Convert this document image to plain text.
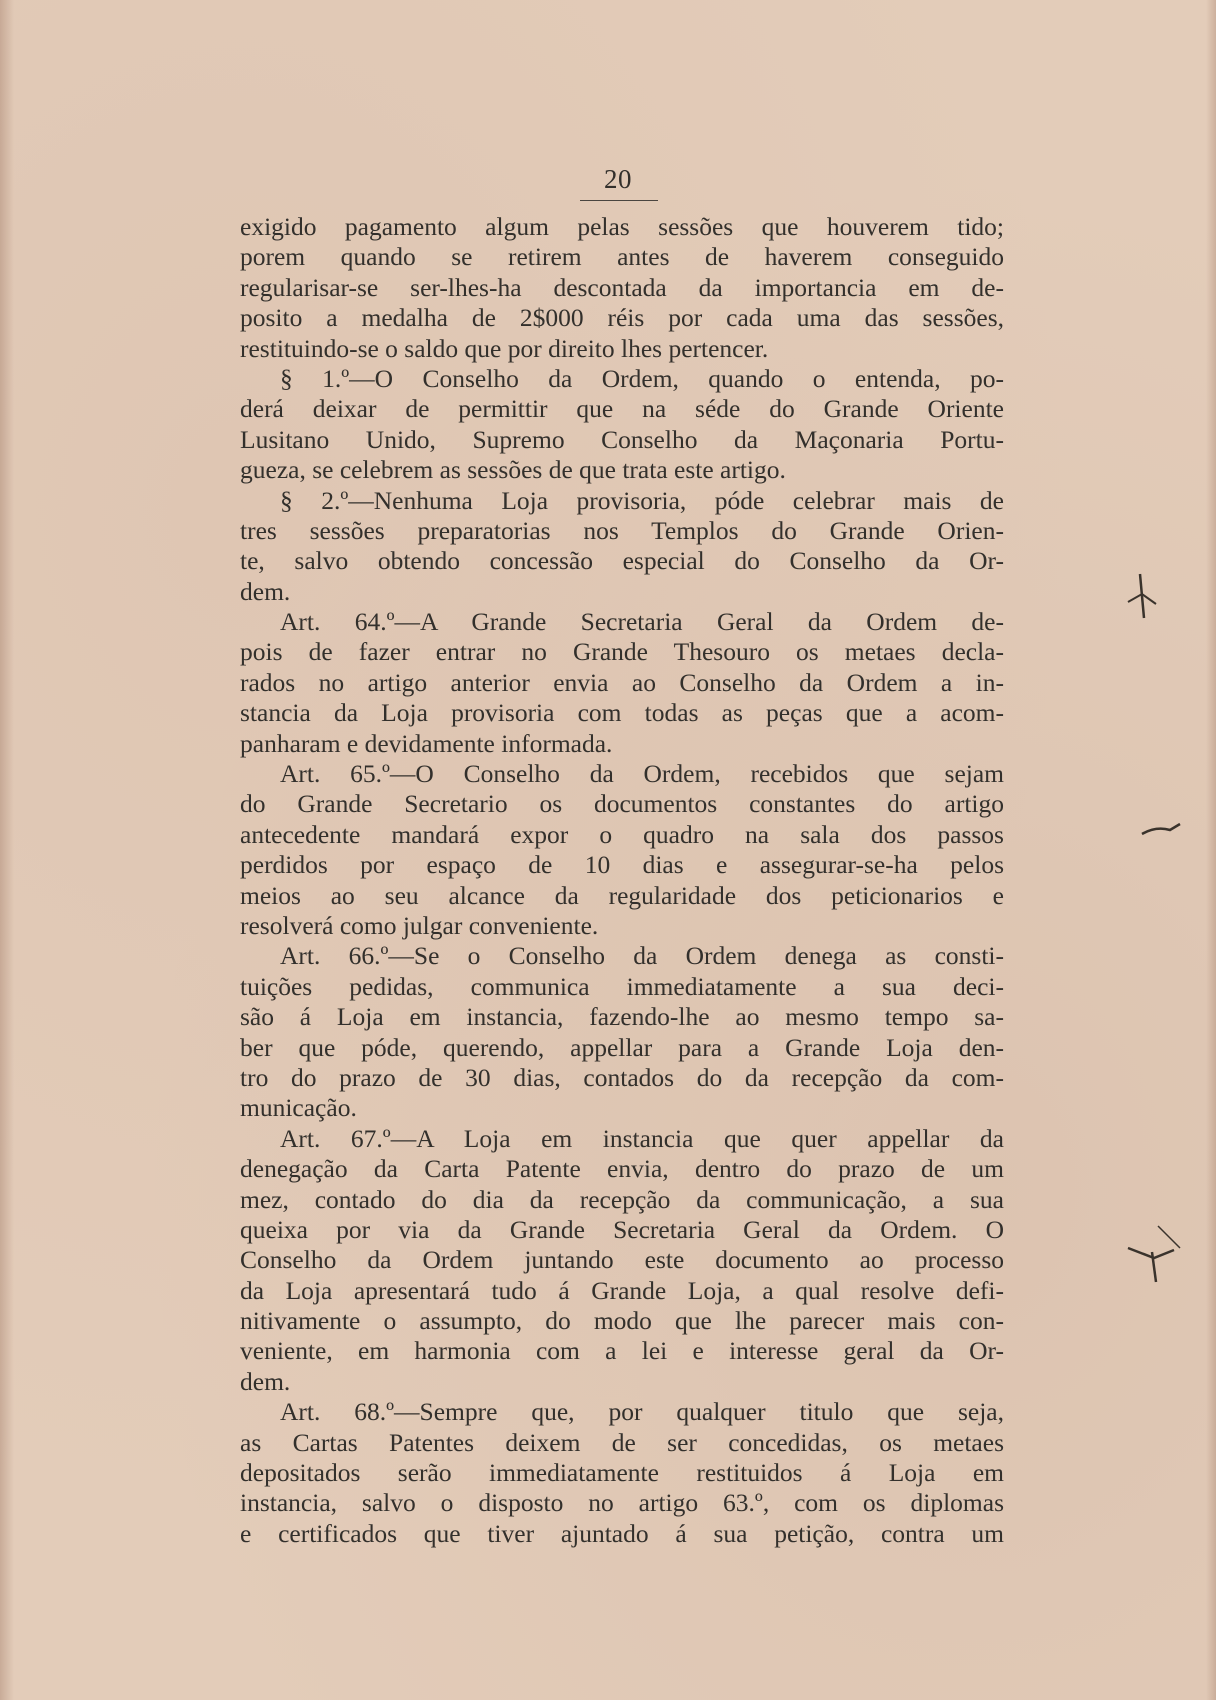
20
exigido pagamento algum pelas sessões que houverem tido;
porem quando se retirem antes de haverem conseguido
regularisar-se ser-lhes-ha descontada da importancia em de-
posito a medalha de 2$000 réis por cada uma das sessões,
restituindo-se o saldo que por direito lhes pertencer.
§ 1.º—O Conselho da Ordem, quando o entenda, po-
derá deixar de permittir que na séde do Grande Oriente
Lusitano Unido, Supremo Conselho da Maçonaria Portu-
gueza, se celebrem as sessões de que trata este artigo.
§ 2.º—Nenhuma Loja provisoria, póde celebrar mais de
tres sessões preparatorias nos Templos do Grande Orien-
te, salvo obtendo concessão especial do Conselho da Or-
dem.
Art. 64.º—A Grande Secretaria Geral da Ordem de-
pois de fazer entrar no Grande Thesouro os metaes decla-
rados no artigo anterior envia ao Conselho da Ordem a in-
stancia da Loja provisoria com todas as peças que a acom-
panharam e devidamente informada.
Art. 65.º—O Conselho da Ordem, recebidos que sejam
do Grande Secretario os documentos constantes do artigo
antecedente mandará expor o quadro na sala dos passos
perdidos por espaço de 10 dias e assegurar-se-ha pelos
meios ao seu alcance da regularidade dos peticionarios e
resolverá como julgar conveniente.
Art. 66.º—Se o Conselho da Ordem denega as consti-
tuições pedidas, communica immediatamente a sua deci-
são á Loja em instancia, fazendo-lhe ao mesmo tempo sa-
ber que póde, querendo, appellar para a Grande Loja den-
tro do prazo de 30 dias, contados do da recepção da com-
municação.
Art. 67.º—A Loja em instancia que quer appellar da
denegação da Carta Patente envia, dentro do prazo de um
mez, contado do dia da recepção da communicação, a sua
queixa por via da Grande Secretaria Geral da Ordem. O
Conselho da Ordem juntando este documento ao processo
da Loja apresentará tudo á Grande Loja, a qual resolve defi-
nitivamente o assumpto, do modo que lhe parecer mais con-
veniente, em harmonia com a lei e interesse geral da Or-
dem.
Art. 68.º—Sempre que, por qualquer titulo que seja,
as Cartas Patentes deixem de ser concedidas, os metaes
depositados serão immediatamente restituidos á Loja em
instancia, salvo o disposto no artigo 63.º, com os diplomas
e certificados que tiver ajuntado á sua petição, contra um
